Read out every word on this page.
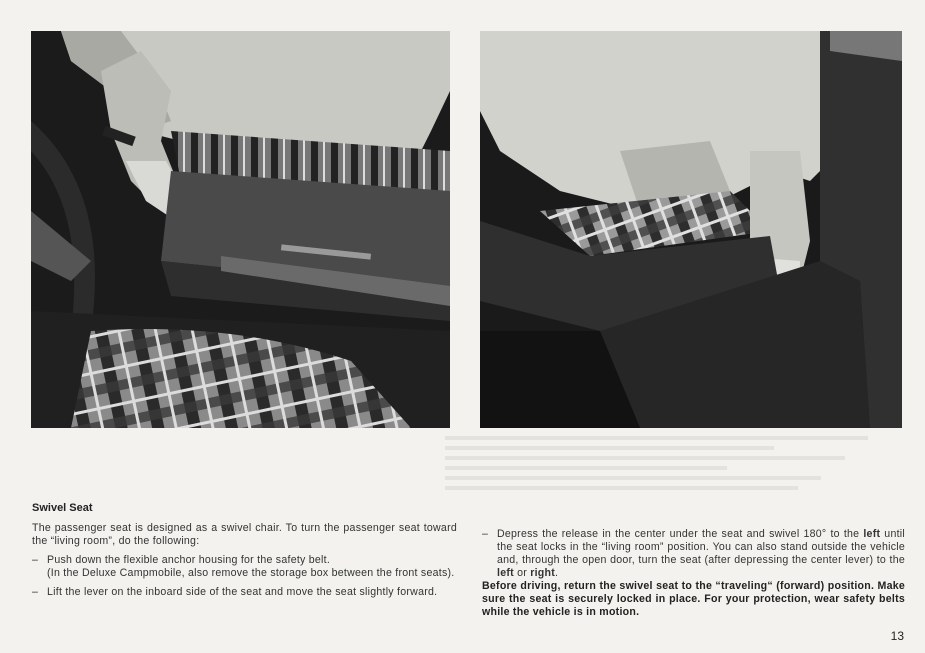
Swivel Seat

The passenger seat is designed as a swivel chair. To turn the passenger seat toward the “living room”, do the following:

– Push down the flexible anchor housing for the safety belt.
(In the Deluxe Campmobile, also remove the storage box between the front seats).
– Lift the lever on the inboard side of the seat and move the seat slightly forward.
– Depress the release in the center under the seat and swivel 180° to the left until the seat locks in the “living room” position. You can also stand outside the vehicle and, through the open door, turn the seat (after depressing the center lever) to the left or right.

Before driving, return the swivel seat to the “traveling“ (forward) position. Make sure the seat is securely locked in place. For your protection, wear safety belts while the vehicle is in motion.

13
